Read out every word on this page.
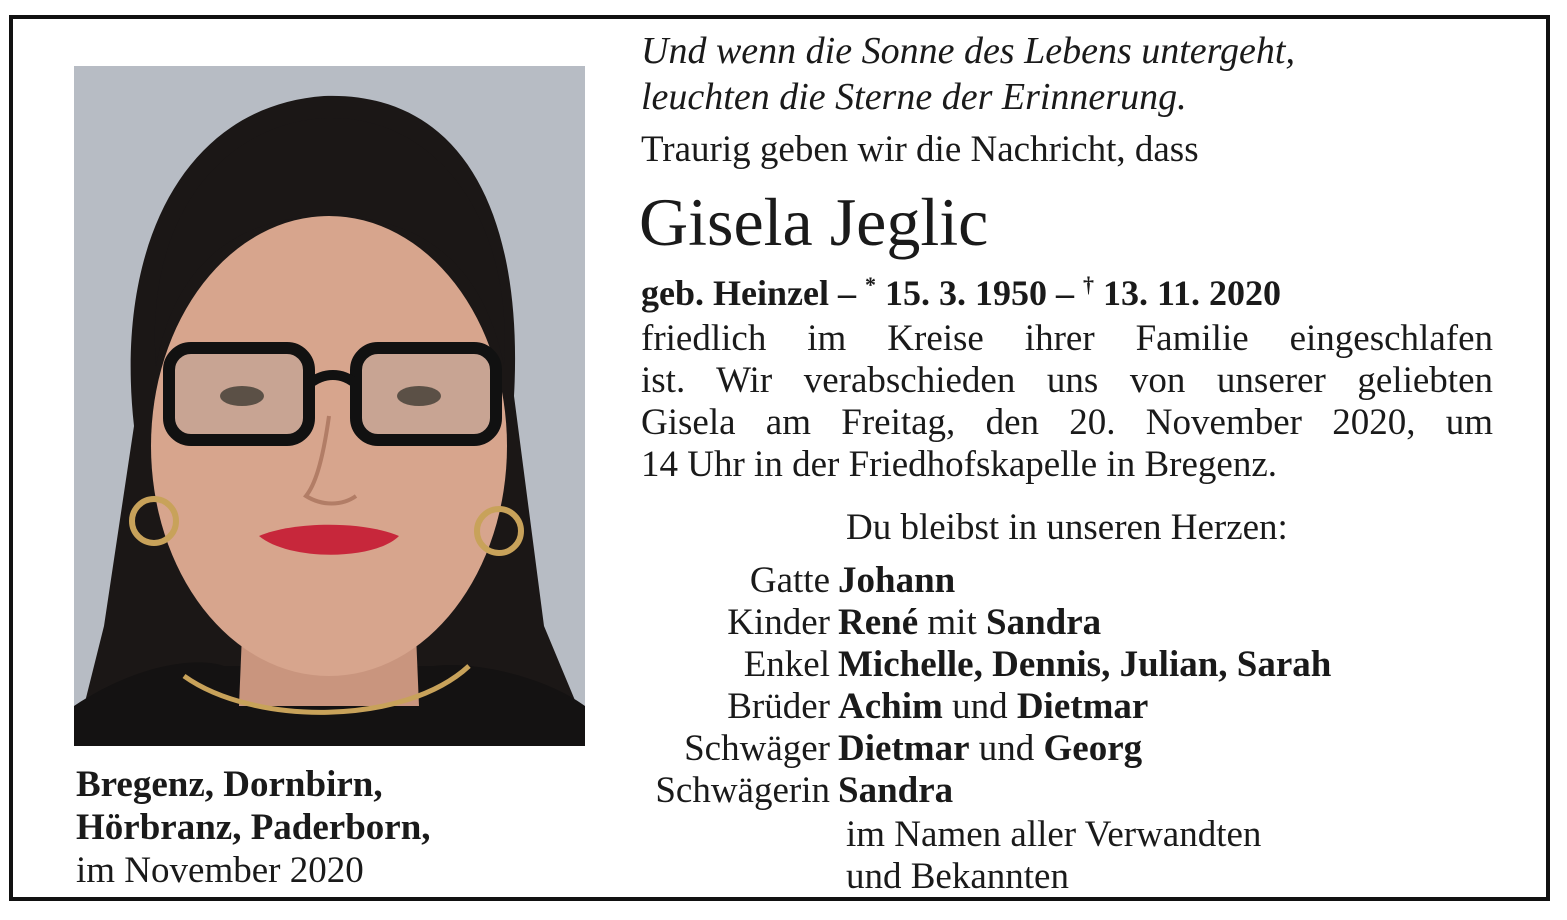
Und wenn die Sonne des Lebens untergeht,
leuchten die Sterne der Erinnerung.
Traurig geben wir die Nachricht, dass
Gisela Jeglic
geb. Heinzel – * 15. 3. 1950 – † 13. 11. 2020
friedlich im Kreise ihrer Familie eingeschlafen
ist. Wir verabschieden uns von unserer geliebten
Gisela am Freitag, den 20. November 2020, um
14 Uhr in der Friedhofskapelle in Bregenz.
Du bleibst in unseren Herzen:
Gatte Johann
Kinder René mit Sandra
Enkel Michelle, Dennis, Julian, Sarah
Brüder Achim und Dietmar
Schwäger Dietmar und Georg
Schwägerin Sandra
im Namen aller Verwandten
und Bekannten
Bregenz, Dornbirn,
Hörbranz, Paderborn,
im November 2020
